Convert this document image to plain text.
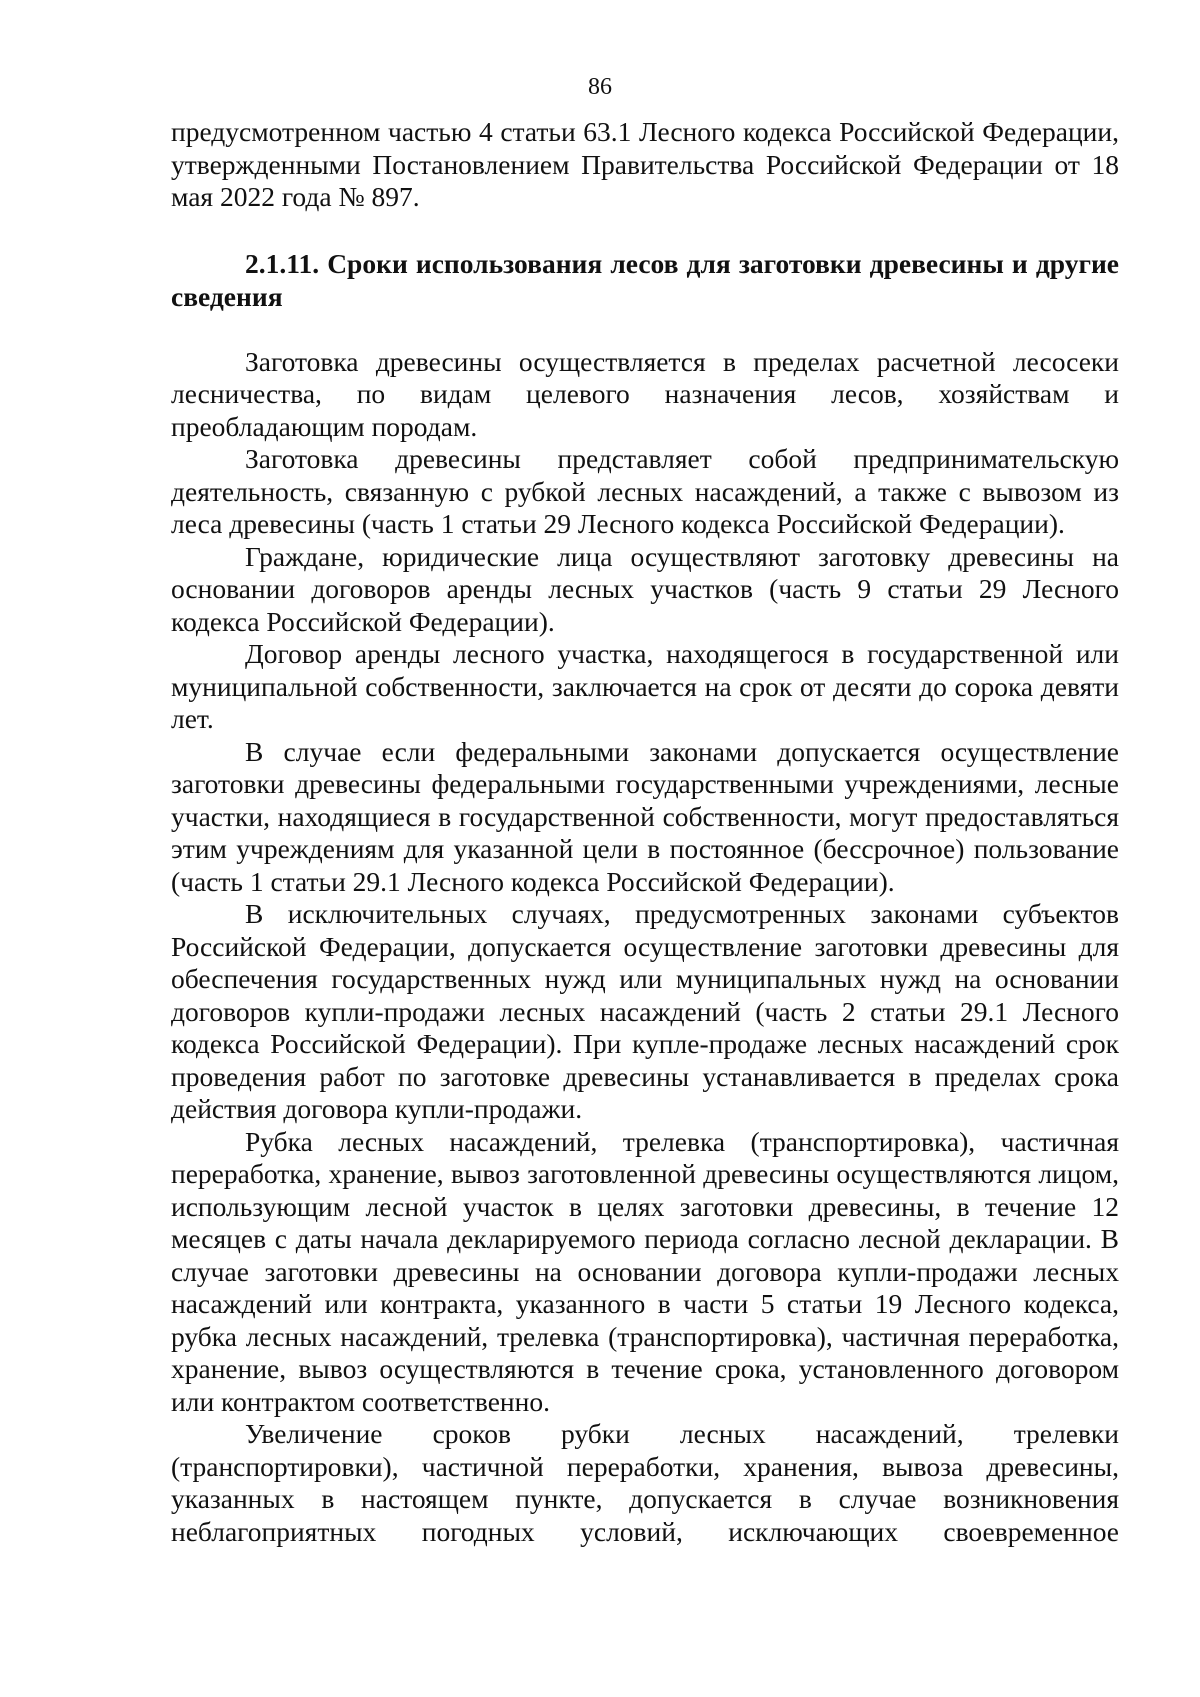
86

предусмотренном частью 4 статьи 63.1 Лесного кодекса Российской Федерации, утвержденными Постановлением Правительства Российской Федерации от 18 мая 2022 года № 897.

2.1.11. Сроки использования лесов для заготовки древесины и другие сведения

Заготовка древесины осуществляется в пределах расчетной лесосеки лесничества, по видам целевого назначения лесов, хозяйствам и преобладающим породам.

Заготовка древесины представляет собой предпринимательскую деятельность, связанную с рубкой лесных насаждений, а также с вывозом из леса древесины (часть 1 статьи 29 Лесного кодекса Российской Федерации).

Граждане, юридические лица осуществляют заготовку древесины на основании договоров аренды лесных участков (часть 9 статьи 29 Лесного кодекса Российской Федерации).

Договор аренды лесного участка, находящегося в государственной или муниципальной собственности, заключается на срок от десяти до сорока девяти лет.

В случае если федеральными законами допускается осуществление заготовки древесины федеральными государственными учреждениями, лесные участки, находящиеся в государственной собственности, могут предоставляться этим учреждениям для указанной цели в постоянное (бессрочное) пользование (часть 1 статьи 29.1 Лесного кодекса Российской Федерации).

В исключительных случаях, предусмотренных законами субъектов Российской Федерации, допускается осуществление заготовки древесины для обеспечения государственных нужд или муниципальных нужд на основании договоров купли-продажи лесных насаждений (часть 2 статьи 29.1 Лесного кодекса Российской Федерации). При купле-продаже лесных насаждений срок проведения работ по заготовке древесины устанавливается в пределах срока действия договора купли-продажи.

Рубка лесных насаждений, трелевка (транспортировка), частичная переработка, хранение, вывоз заготовленной древесины осуществляются лицом, использующим лесной участок в целях заготовки древесины, в течение 12 месяцев с даты начала декларируемого периода согласно лесной декларации. В случае заготовки древесины на основании договора купли-продажи лесных насаждений или контракта, указанного в части 5 статьи 19 Лесного кодекса, рубка лесных насаждений, трелевка (транспортировка), частичная переработка, хранение, вывоз осуществляются в течение срока, установленного договором или контрактом соответственно.

Увеличение сроков рубки лесных насаждений, трелевки (транспортировки), частичной переработки, хранения, вывоза древесины, указанных в настоящем пункте, допускается в случае возникновения неблагоприятных погодных условий, исключающих своевременное
